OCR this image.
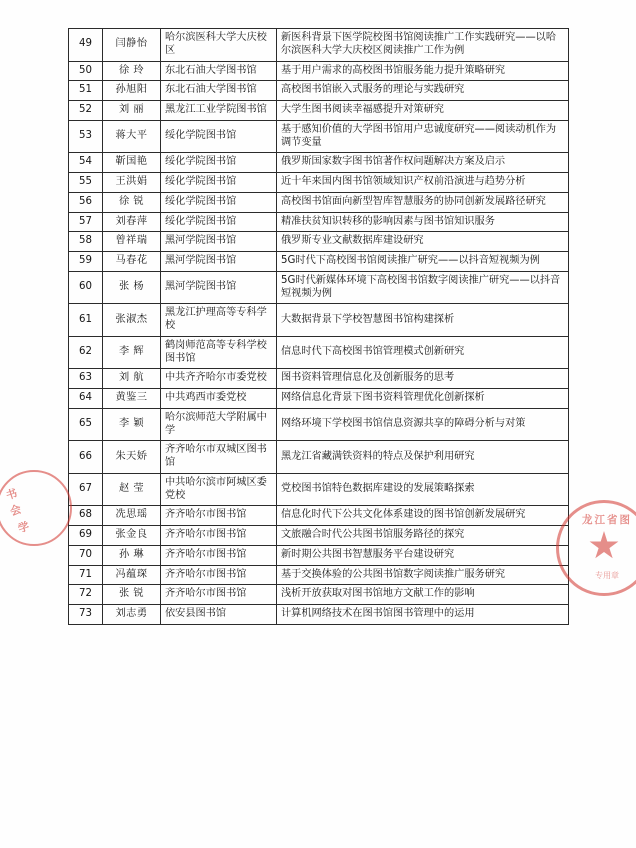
49	闫静怡	哈尔滨医科大学大庆校区	新医科背景下医学院校图书馆阅读推广工作实践研究——以哈尔滨医科大学大庆校区阅读推广工作为例
50	徐 玲	东北石油大学图书馆	基于用户需求的高校图书馆服务能力提升策略研究
51	孙旭阳	东北石油大学图书馆	高校图书馆嵌入式服务的理论与实践研究
52	刘 丽	黑龙江工业学院图书馆	大学生图书阅读幸福感提升对策研究
53	蒋大平	绥化学院图书馆	基于感知价值的大学图书馆用户忠诚度研究——阅读动机作为调节变量
54	靳国艳	绥化学院图书馆	俄罗斯国家数字图书馆著作权问题解决方案及启示
55	王洪娟	绥化学院图书馆	近十年来国内图书馆领域知识产权前沿演进与趋势分析
56	徐 锐	绥化学院图书馆	高校图书馆面向新型智库智慧服务的协同创新发展路径研究
57	刘春萍	绥化学院图书馆	精准扶贫知识转移的影响因素与图书馆知识服务
58	曾祥瑞	黑河学院图书馆	俄罗斯专业文献数据库建设研究
59	马春花	黑河学院图书馆	5G时代下高校图书馆阅读推广研究——以抖音短视频为例
60	张 杨	黑河学院图书馆	5G时代新媒体环境下高校图书馆数字阅读推广研究——以抖音短视频为例
61	张淑杰	黑龙江护理高等专科学校	大数据背景下学校智慧图书馆构建探析
62	李 辉	鹤岗师范高等专科学校图书馆	信息时代下高校图书馆管理模式创新研究
63	刘 航	中共齐齐哈尔市委党校	图书资料管理信息化及创新服务的思考
64	黄鉴三	中共鸡西市委党校	网络信息化背景下图书资料管理优化创新探析
65	李 颖	哈尔滨师范大学附属中学	网络环境下学校图书馆信息资源共享的障碍分析与对策
66	朱天娇	齐齐哈尔市双城区图书馆	黑龙江省藏满铁资料的特点及保护利用研究
67	赵 莹	中共哈尔滨市阿城区委党校	党校图书馆特色数据库建设的发展策略探索
68	冼思瑶	齐齐哈尔市图书馆	信息化时代下公共文化体系建设的图书馆创新发展研究
69	张金良	齐齐哈尔市图书馆	文旅融合时代公共图书馆服务路径的探究
70	孙 琳	齐齐哈尔市图书馆	新时期公共图书智慧服务平台建设研究
71	冯蕴琛	齐齐哈尔市图书馆	基于交换体验的公共图书馆数字阅读推广服务研究
72	张 锐	齐齐哈尔市图书馆	浅析开放获取对图书馆地方文献工作的影响
73	刘志勇	依安县图书馆	计算机网络技术在图书馆图书管理中的运用
书
会
学	龙江省图
专用章
